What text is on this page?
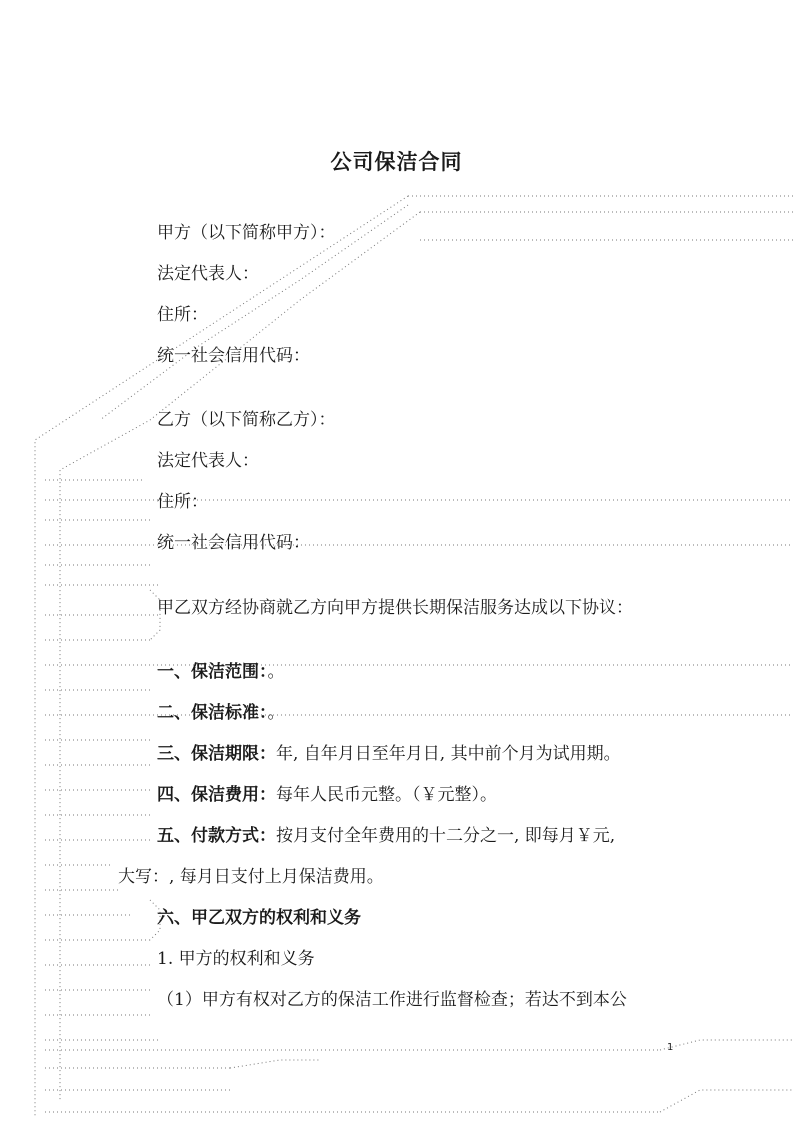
公司保洁合同
甲方（以下简称甲方）：
法定代表人：
住所：
统一社会信用代码：
乙方（以下简称乙方）：
法定代表人：
住所：
统一社会信用代码：
甲乙双方经协商就乙方向甲方提供长期保洁服务达成以下协议：
一、保洁范围：。
二、保洁标准：。
三、保洁期限：年, 自年月日至年月日, 其中前个月为试用期。
四、保洁费用：每年人民币元整。（￥元整）。
五、付款方式：按月支付全年费用的十二分之一, 即每月￥元,
大写：, 每月日支付上月保洁费用。
六、甲乙双方的权利和义务
1. 甲方的权利和义务
（1）甲方有权对乙方的保洁工作进行监督检查；若达不到本公
1
